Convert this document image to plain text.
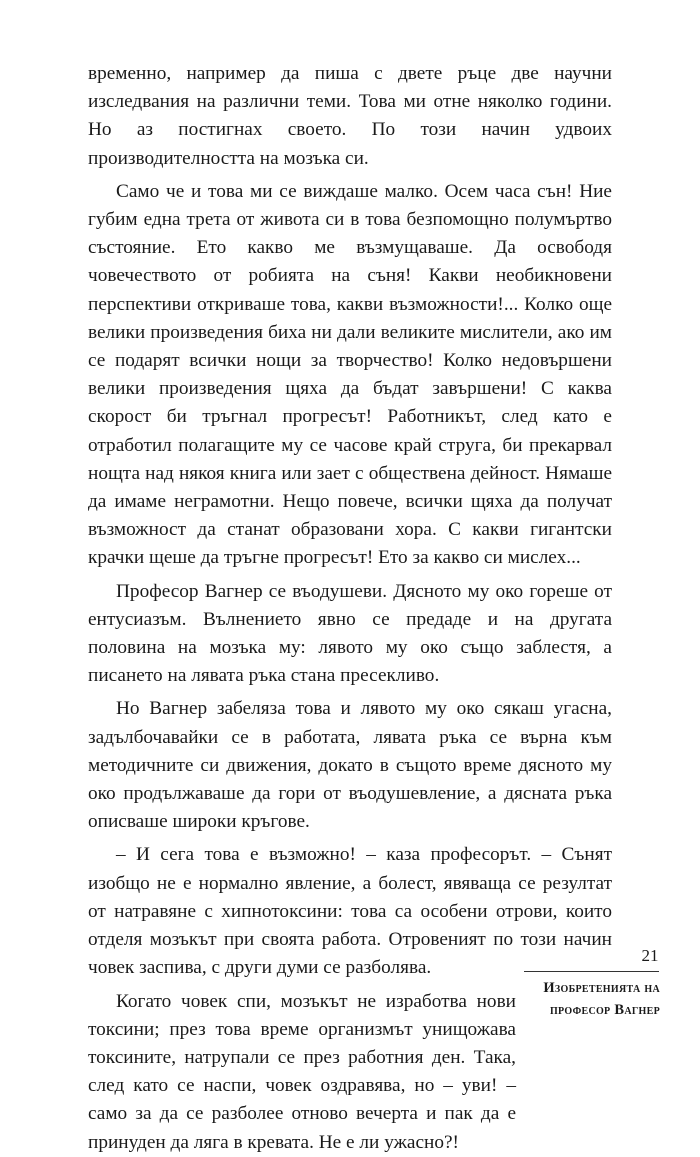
временно, например да пиша с двете ръце две научни изследвания на различни теми. Това ми отне няколко години. Но аз постигнах своето. По този начин удвоих производителността на мозъка си.

Само че и това ми се виждаше малко. Осем часа сън! Ние губим една трета от живота си в това безпомощно полумъртво състояние. Ето какво ме възмущаваше. Да освободя човечеството от робията на съня! Какви необикновени перспективи откриваше това, какви възможности!... Колко още велики произведения биха ни дали великите мислители, ако им се подарят всички нощи за творчество! Колко недовършени велики произведения щяха да бъдат завършени! С каква скорост би тръгнал прогресът! Работникът, след като е отработил полагащите му се часове край струга, би прекарвал нощта над някоя книга или зает с обществена дейност. Нямаше да имаме неграмотни. Нещо повече, всички щяха да получат възможност да станат образовани хора. С какви гигантски крачки щеше да тръгне прогресът! Ето за какво си мислех...

Професор Вагнер се въодушеви. Дясното му око гореше от ентусиазъм. Вълнението явно се предаде и на другата половина на мозъка му: лявото му око също заблестя, а писането на лявата ръка стана пресекливо.

Но Вагнер забеляза това и лявото му око сякаш угасна, задълбочавайки се в работата, лявата ръка се върна към методичните си движения, докато в същото време дясното му око продължаваше да гори от въодушевление, а дясната ръка описваше широки кръгове.

– И сега това е възможно! – каза професорът. – Сънят изобщо не е нормално явление, а болест, явяваща се резултат от натравяне с хипнотоксини: това са особени отрови, които отделя мозъкът при своята работа. Отровеният по този начин човек заспива, с други думи се разболява.

Когато човек спи, мозъкът не изработва нови токсини; през това време организмът унищожава токсините, натрупали се през работния ден. Така, след като се наспи, човек оздравява, но – уви! – само за да се разболее отново вечерта и пак да е принуден да ляга в кревата. Не е ли ужасно?!

21
Изобретенията на
професор Вагнер
